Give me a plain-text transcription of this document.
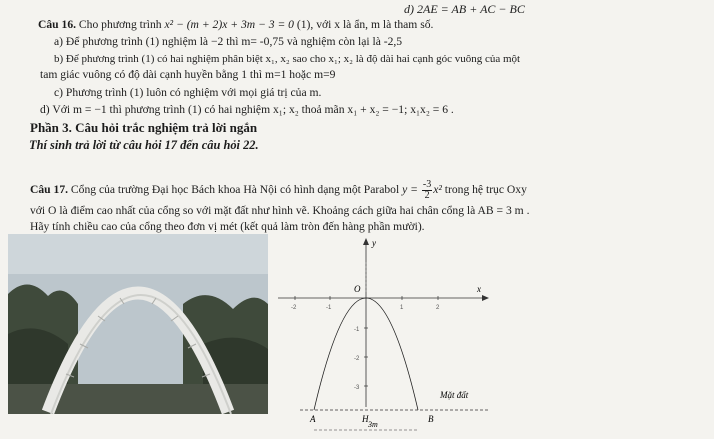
d) 2AE = AB + AC − BC
Câu 16. Cho phương trình x² − (m + 2)x + 3m − 3 = 0 (1), với x là ẩn, m là tham số.
a) Để phương trình (1) nghiệm là −2 thì m= -0,75 và nghiệm còn lại là -2,5
b) Để phương trình (1) có hai nghiệm phân biệt x₁, x₂ sao cho x₁; x₂ là độ dài hai cạnh góc vuông của một
tam giác vuông có độ dài cạnh huyền bằng 1 thì m=1 hoặc m=9
c) Phương trình (1) luôn có nghiệm với mọi giá trị của m.
d) Với m = −1 thì phương trình (1) có hai nghiệm x₁; x₂ thoả mãn x₁ + x₂ = −1; x₁x₂ = 6 .
Phần 3. Câu hỏi trắc nghiệm trả lời ngắn
Thí sinh trả lời từ câu hỏi 17 đến câu hỏi 22.
Câu 17. Cổng của trường Đại học Bách khoa Hà Nội có hình dạng một Parabol $y = \frac{-3}{2} x^2$ trong hệ trục Oxy
với O là điểm cao nhất của cổng so với mặt đất như hình vẽ. Khoảng cách giữa hai chân cổng là AB = 3 m .
Hãy tính chiều cao của cổng theo đơn vị mét (kết quả làm tròn đến hàng phần mười).
y
x
O
-2	-1	1	2
-1
-2
-3
Mặt đất
A	H	B
3m
